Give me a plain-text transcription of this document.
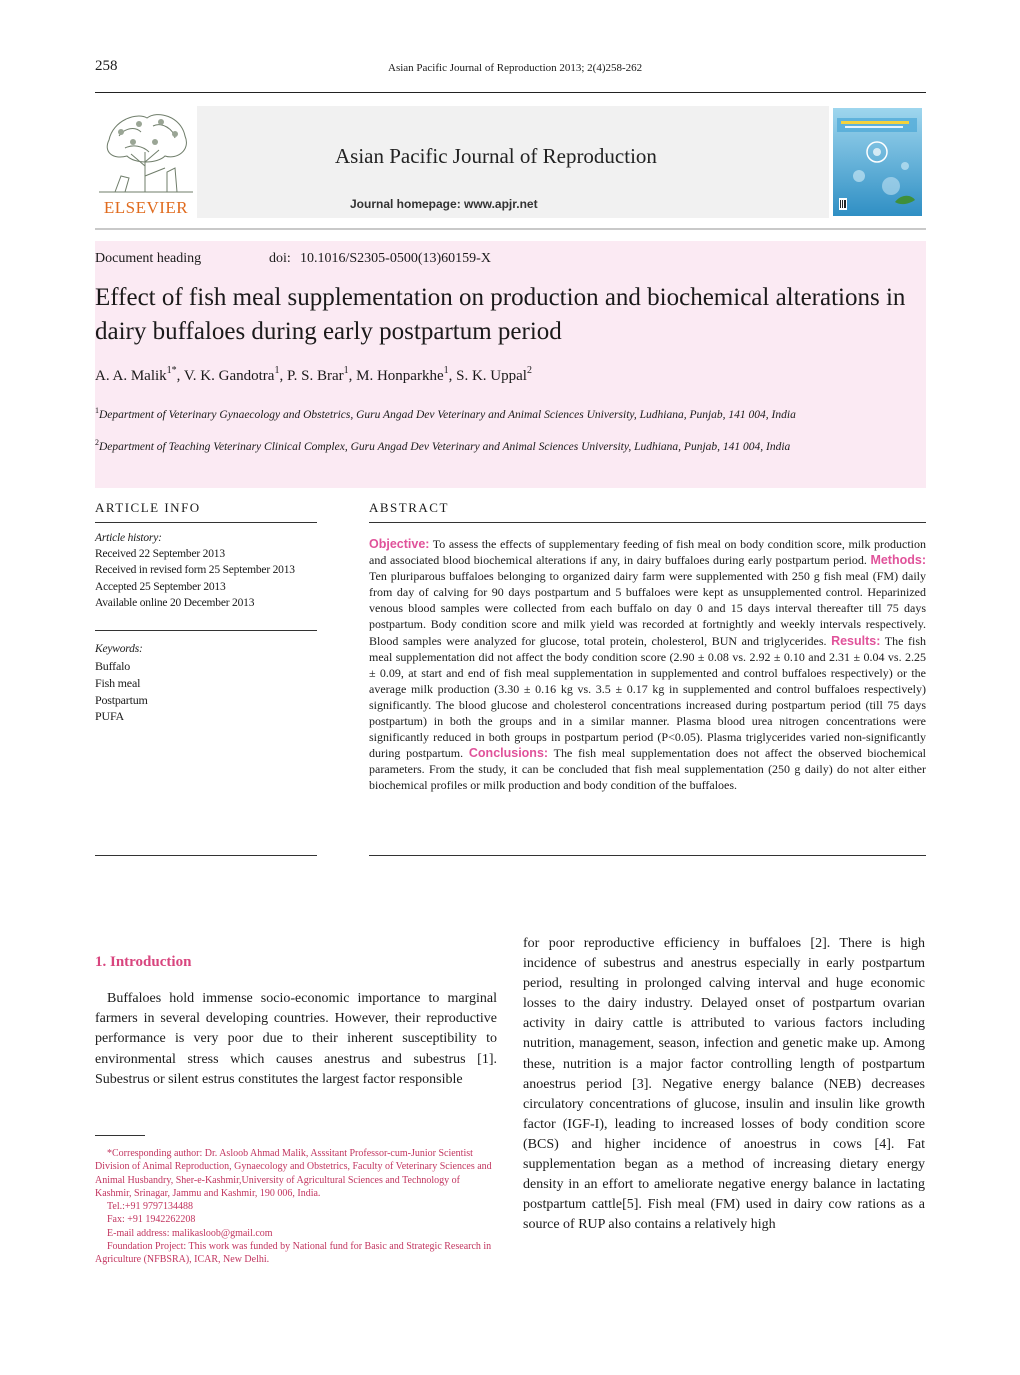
258	Asian Pacific Journal of Reproduction 2013; 2(4)258-262
ELSEVIER
Asian Pacific Journal of Reproduction
Journal homepage: www.apjr.net
Document heading	doi: 10.1016/S2305-0500(13)60159-X
Effect of fish meal supplementation on production and biochemical alterations in dairy buffaloes during early postpartum period
A. A. Malik$^{1*}$, V. K. Gandotra$^1$, P. S. Brar$^1$, M. Honparkhe$^1$, S. K. Uppal$^2$
$^1$Department of Veterinary Gynaecology and Obstetrics, Guru Angad Dev Veterinary and Animal Sciences University, Ludhiana, Punjab, 141 004, India
$^2$Department of Teaching Veterinary Clinical Complex, Guru Angad Dev Veterinary and Animal Sciences University, Ludhiana, Punjab, 141 004, India
ARTICLE INFO
Article history:
Received 22 September 2013
Received in revised form 25 September 2013
Accepted 25 September 2013
Available online 20 December 2013
Keywords:
Buffalo
Fish meal
Postpartum
PUFA
ABSTRACT
Objective: To assess the effects of supplementary feeding of fish meal on body condition score, milk production and associated blood biochemical alterations if any, in dairy buffaloes during early postpartum period. Methods: Ten pluriparous buffaloes belonging to organized dairy farm were supplemented with 250 g fish meal (FM) daily from day of calving for 90 days postpartum and 5 buffaloes were kept as unsupplemented control. Heparinized venous blood samples were collected from each buffalo on day 0 and 15 days interval thereafter till 75 days postpartum. Body condition score and milk yield was recorded at fortnightly and weekly intervals respectively. Blood samples were analyzed for glucose, total protein, cholesterol, BUN and triglycerides. Results: The fish meal supplementation did not affect the body condition score (2.90 ± 0.08 vs. 2.92 ± 0.10 and 2.31 ± 0.04 vs. 2.25 ± 0.09, at start and end of fish meal supplementation in supplemented and control buffaloes respectively) or the average milk production (3.30 ± 0.16 kg vs. 3.5 ± 0.17 kg in supplemented and control buffaloes respectively) significantly. The blood glucose and cholesterol concentrations increased during postpartum period (till 75 days postpartum) in both the groups and in a similar manner. Plasma blood urea nitrogen concentrations were significantly reduced in both groups in postpartum period (P<0.05). Plasma triglycerides varied non-significantly during postpartum. Conclusions: The fish meal supplementation does not affect the observed biochemical parameters. From the study, it can be concluded that fish meal supplementation (250 g daily) do not alter either biochemical profiles or milk production and body condition of the buffaloes.
1. Introduction
Buffaloes hold immense socio-economic importance to marginal farmers in several developing countries. However, their reproductive performance is very poor due to their inherent susceptibility to environmental stress which causes anestrus and subestrus [1]. Subestrus or silent estrus constitutes the largest factor responsible
for poor reproductive efficiency in buffaloes [2]. There is high incidence of subestrus and anestrus especially in early postpartum period, resulting in prolonged calving interval and huge economic losses to the dairy industry. Delayed onset of postpartum ovarian activity in dairy cattle is attributed to various factors including nutrition, management, season, infection and genetic make up. Among these, nutrition is a major factor controlling length of postpartum anoestrus period [3]. Negative energy balance (NEB) decreases circulatory concentrations of glucose, insulin and insulin like growth factor (IGF-I), leading to increased losses of body condition score (BCS) and higher incidence of anoestrus in cows [4]. Fat supplementation began as a method of increasing dietary energy density in an effort to ameliorate negative energy balance in lactating postpartum cattle[5]. Fish meal (FM) used in dairy cow rations as a source of RUP also contains a relatively high

*Corresponding author: Dr. Asloob Ahmad Malik, Asssitant Professor-cum-Junior Scientist Division of Animal Reproduction, Gynaecology and Obstetrics, Faculty of Veterinary Sciences and Animal Husbandry, Sher-e-Kashmir,University of Agricultural Sciences and Technology of Kashmir, Srinagar, Jammu and Kashmir, 190 006, India.

Tel.:+91 9797134488

Fax: +91 1942262208

E-mail address: malikasloob@gmail.com

Foundation Project: This work was funded by National fund for Basic and Strategic Research in Agriculture (NFBSRA), ICAR, New Delhi.
